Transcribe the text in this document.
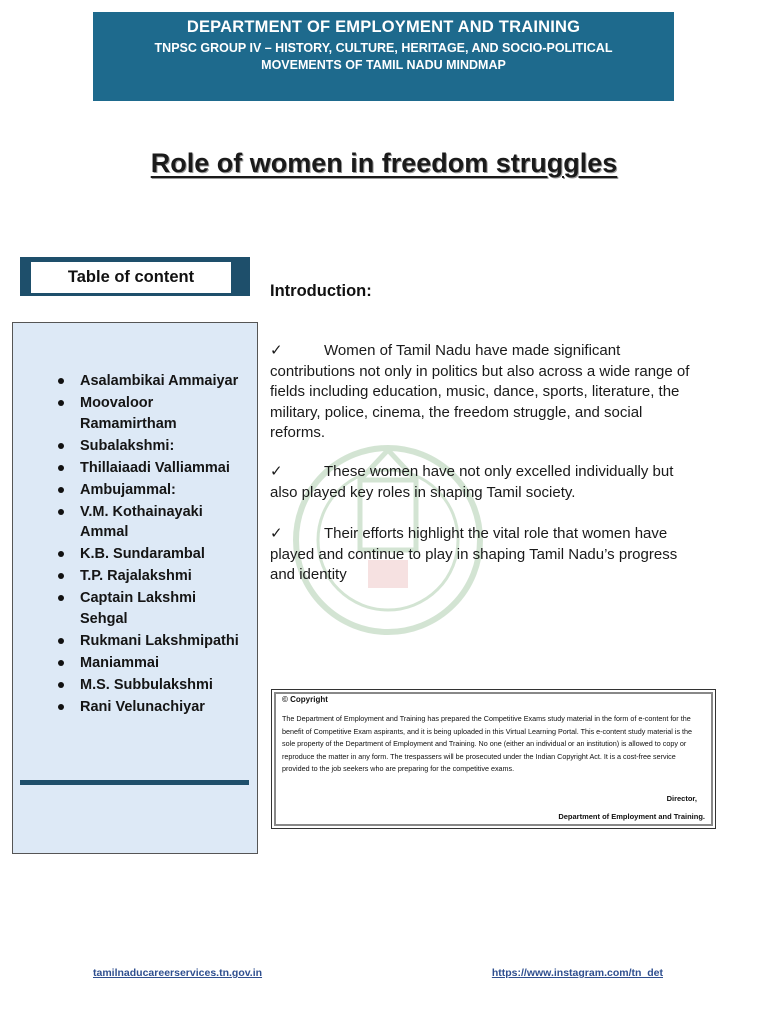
DEPARTMENT OF EMPLOYMENT AND TRAINING
TNPSC GROUP IV – HISTORY, CULTURE, HERITAGE, AND SOCIO-POLITICAL MOVEMENTS OF TAMIL NADU MINDMAP
Role of women in freedom struggles
Table of content
Asalambikai Ammaiyar
Moovaloor Ramamirtham
Subalakshmi:
Thillaiaadi Valliammai
Ambujammal:
V.M. Kothainayaki Ammal
K.B. Sundarambal
T.P. Rajalakshmi
Captain Lakshmi Sehgal
Rukmani Lakshmipathi
Maniammai
M.S. Subbulakshmi
Rani Velunachiyar
Introduction:
✓	Women of Tamil Nadu have made significant contributions not only in politics but also across a wide range of fields including education, music, dance, sports, literature, the military, police, cinema, the freedom struggle, and social reforms.
✓	These women have not only excelled individually but also played key roles in shaping Tamil society.
✓	Their efforts highlight the vital role that women have played and continue to play in shaping Tamil Nadu’s progress and identity
© Copyright
The Department of Employment and Training has prepared the Competitive Exams study material in the form of e-content for the benefit of Competitive Exam aspirants, and it is being uploaded in this Virtual Learning Portal. This e-content study material is the sole property of the Department of Employment and Training. No one (either an individual or an institution) is allowed to copy or reproduce the matter in any form. The trespassers will be prosecuted under the Indian Copyright Act. It is a cost-free service provided to the job seekers who are preparing for the competitive exams.
Director,
Department of Employment and Training.
tamilnaducareerservices.tn.gov.in	https://www.instagram.com/tn_det
